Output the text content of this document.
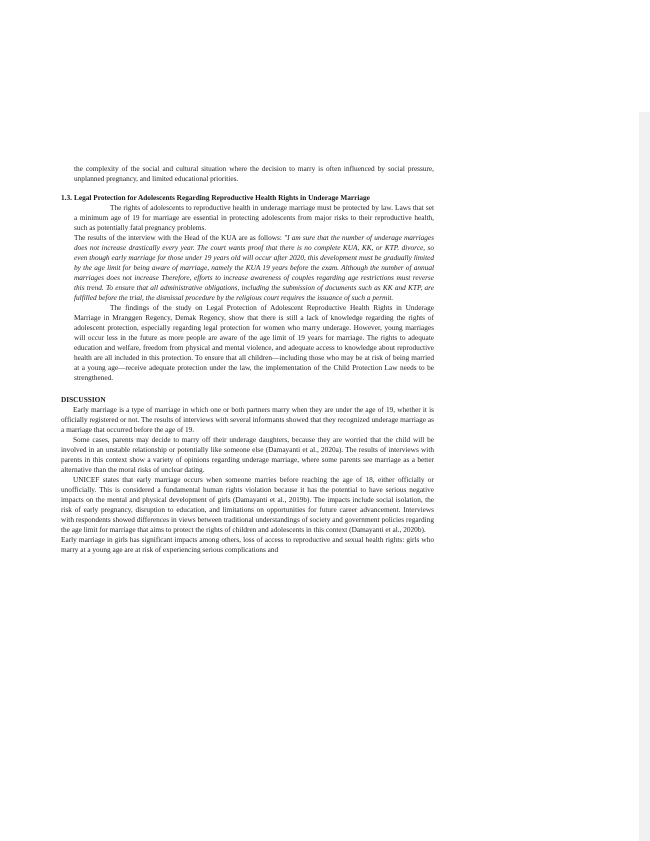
the complexity of the social and cultural situation where the decision to marry is often influenced by social pressure, unplanned pregnancy, and limited educational priorities.

1.3. Legal Protection for Adolescents Regarding Reproductive Health Rights in Underage Marriage

The rights of adolescents to reproductive health in underage marriage must be protected by law. Laws that set a minimum age of 19 for marriage are essential in protecting adolescents from major risks to their reproductive health, such as potentially fatal pregnancy problems.

The results of the interview with the Head of the KUA are as follows: "I am sure that the number of underage marriages does not increase drastically every year. The court wants proof that there is no complete KUA, KK, or KTP. divorce, so even though early marriage for those under 19 years old will occur after 2020, this development must be gradually limited by the age limit for being aware of marriage, namely the KUA 19 years before the exam. Although the number of annual marriages does not increase Therefore, efforts to increase awareness of couples regarding age restrictions must reverse this trend. To ensure that all administrative obligations, including the submission of documents such as KK and KTP, are fulfilled before the trial, the dismissal procedure by the religious court requires the issuance of such a permit.

The findings of the study on Legal Protection of Adolescent Reproductive Health Rights in Underage Marriage in Mranggen Regency, Demak Regency, show that there is still a lack of knowledge regarding the rights of adolescent protection, especially regarding legal protection for women who marry underage. However, young marriages will occur less in the future as more people are aware of the age limit of 19 years for marriage. The rights to adequate education and welfare, freedom from physical and mental violence, and adequate access to knowledge about reproductive health are all included in this protection. To ensure that all children—including those who may be at risk of being married at a young age—receive adequate protection under the law, the implementation of the Child Protection Law needs to be strengthened.

DISCUSSION

Early marriage is a type of marriage in which one or both partners marry when they are under the age of 19, whether it is officially registered or not. The results of interviews with several informants showed that they recognized underage marriage as a marriage that occurred before the age of 19.

Some cases, parents may decide to marry off their underage daughters, because they are worried that the child will be involved in an unstable relationship or potentially like someone else (Damayanti et al., 2020a). The results of interviews with parents in this context show a variety of opinions regarding underage marriage, where some parents see marriage as a better alternative than the moral risks of unclear dating.

UNICEF states that early marriage occurs when someone marries before reaching the age of 18, either officially or unofficially. This is considered a fundamental human rights violation because it has the potential to have serious negative impacts on the mental and physical development of girls (Damayanti et al., 2019b). The impacts include social isolation, the risk of early pregnancy, disruption to education, and limitations on opportunities for future career advancement. Interviews with respondents showed differences in views between traditional understandings of society and government policies regarding the age limit for marriage that aims to protect the rights of children and adolescents in this context (Damayanti et al., 2020b).

Early marriage in girls has significant impacts among others, loss of access to reproductive and sexual health rights: girls who marry at a young age are at risk of experiencing serious complications and
